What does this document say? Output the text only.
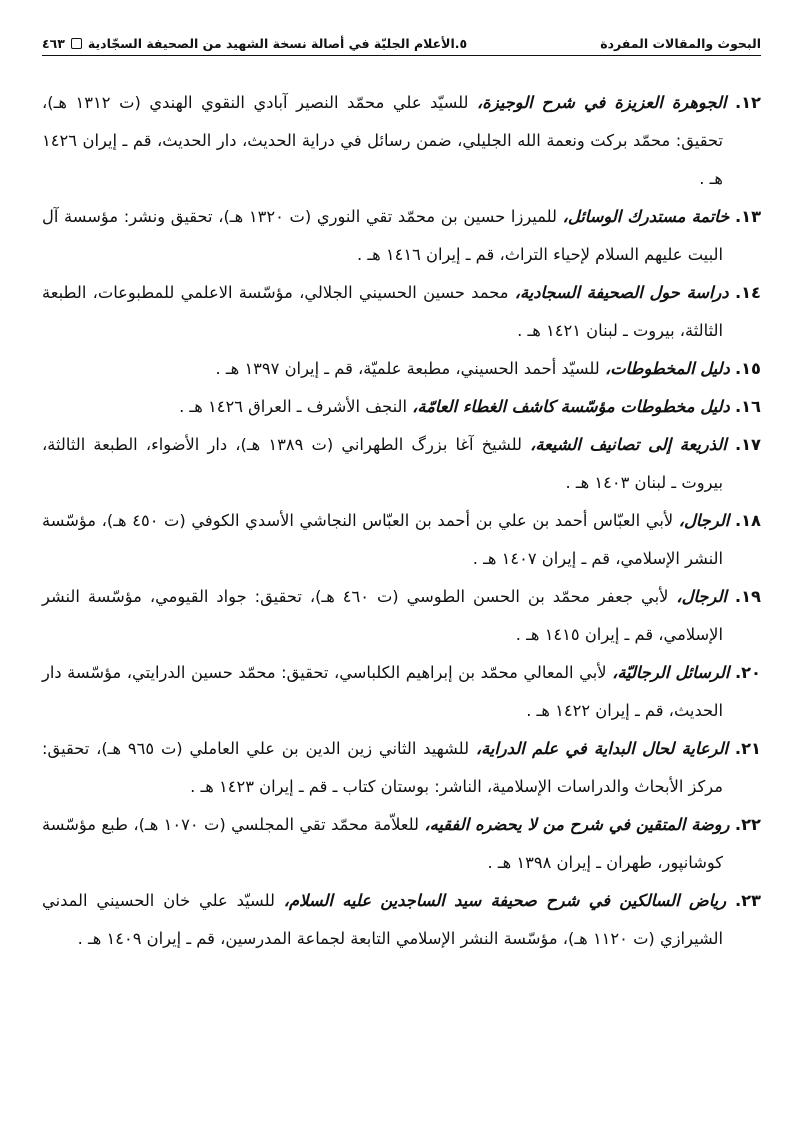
البحوث والمقالات المفردة
٥.الأعلام الجليّة في أصالة نسخة الشهيد من الصحيفة السجّادية
٤٦٣

١٢. الجوهرة العزيزة في شرح الوجيزة، للسيّد علي محمّد النصير آبادي النقوي الهندي (ت ١٣١٢ هـ)، تحقيق: محمّد بركت ونعمة الله الجليلي، ضمن رسائل في دراية الحديث، دار الحديث، قم ـ إيران ١٤٢٦ هـ .

١٣. خاتمة مستدرك الوسائل، للميرزا حسين بن محمّد تقي النوري (ت ١٣٢٠ هـ)، تحقيق ونشر: مؤسسة آل البيت عليهم السلام لإحياء التراث، قم ـ إيران ١٤١٦ هـ .

١٤. دراسة حول الصحيفة السجادية، محمد حسين الحسيني الجلالي، مؤسّسة الاعلمي للمطبوعات، الطبعة الثالثة، بيروت ـ لبنان ١٤٢١ هـ .

١٥. دليل المخطوطات، للسيّد أحمد الحسيني، مطبعة علميّة، قم ـ إيران ١٣٩٧ هـ .

١٦. دليل مخطوطات مؤسّسة كاشف الغطاء العامّة، النجف الأشرف ـ العراق ١٤٢٦ هـ .

١٧. الذريعة إلى تصانيف الشيعة، للشيخ آغا بزرگ الطهراني (ت ١٣٨٩ هـ)، دار الأضواء، الطبعة الثالثة، بيروت ـ لبنان ١٤٠٣ هـ .

١٨. الرجال، لأبي العبّاس أحمد بن علي بن أحمد بن العبّاس النجاشي الأسدي الكوفي (ت ٤٥٠ هـ)، مؤسّسة النشر الإسلامي، قم ـ إيران ١٤٠٧ هـ .

١٩. الرجال، لأبي جعفر محمّد بن الحسن الطوسي (ت ٤٦٠ هـ)، تحقيق: جواد القيومي، مؤسّسة النشر الإسلامي، قم ـ إيران ١٤١٥ هـ .

٢٠. الرسائل الرجاليّة، لأبي المعالي محمّد بن إبراهيم الكلباسي، تحقيق: محمّد حسين الدرايتي، مؤسّسة دار الحديث، قم ـ إيران ١٤٢٢ هـ .

٢١. الرعاية لحال البداية في علم الدراية، للشهيد الثاني زين الدين بن علي العاملي (ت ٩٦٥ هـ)، تحقيق: مركز الأبحاث والدراسات الإسلامية، الناشر: بوستان كتاب ـ قم ـ إيران ١٤٢٣ هـ .

٢٢. روضة المتقين في شرح من لا يحضره الفقيه، للعلاّمة محمّد تقي المجلسي (ت ١٠٧٠ هـ)، طبع مؤسّسة كوشانپور، طهران ـ إيران ١٣٩٨ هـ .

٢٣. رياض السالكين في شرح صحيفة سيد الساجدين عليه السلام، للسيّد علي خان الحسيني المدني الشيرازي (ت ١١٢٠ هـ)، مؤسّسة النشر الإسلامي التابعة لجماعة المدرسين، قم ـ إيران ١٤٠٩ هـ .
